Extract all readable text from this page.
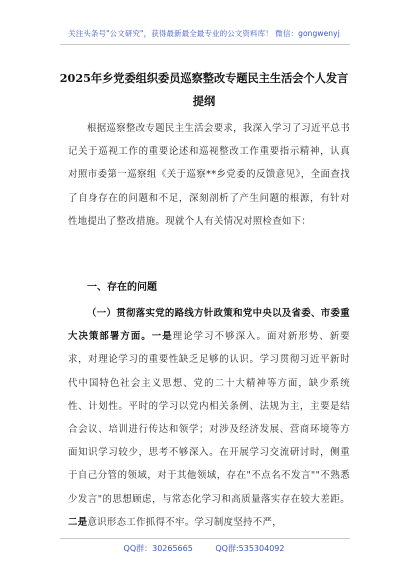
关注头条号"公文研究"，获得最新最全最专业的公文资料库！ 微信：gongwenyj
2025年乡党委组织委员巡察整改专题民主生活会个人发言
提纲

根据巡察整改专题民主生活会要求，我深入学习了习近平总书记关于巡视工作的重要论述和巡视整改工作重要指示精神，认真对照市委第一巡察组《关于巡察**乡党委的反馈意见》，全面查找了自身存在的问题和不足，深刻剖析了产生问题的根源，有针对性地提出了整改措施。现就个人有关情况对照检查如下：

一、存在的问题

（一）贯彻落实党的路线方针政策和党中央以及省委、市委重大决策部署方面。一是理论学习不够深入。面对新形势、新要求，对理论学习的重要性缺乏足够的认识。学习贯彻习近平新时代中国特色社会主义思想、党的二十大精神等方面，缺少系统性、计划性。平时的学习以党内相关条例、法规为主，主要是结合会议、培训进行传达和领学；对涉及经济发展、营商环境等方面知识学习较少，思考不够深入。在开展学习交流研讨时，侧重于自己分管的领域，对于其他领域，存在"不点名不发言""不熟悉少发言"的思想顾虑，与常态化学习和高质量落实存在较大差距。二是意识形态工作抓得不牢。学习制度坚持不严，

QQ群：30265665	QQ群:535304092
